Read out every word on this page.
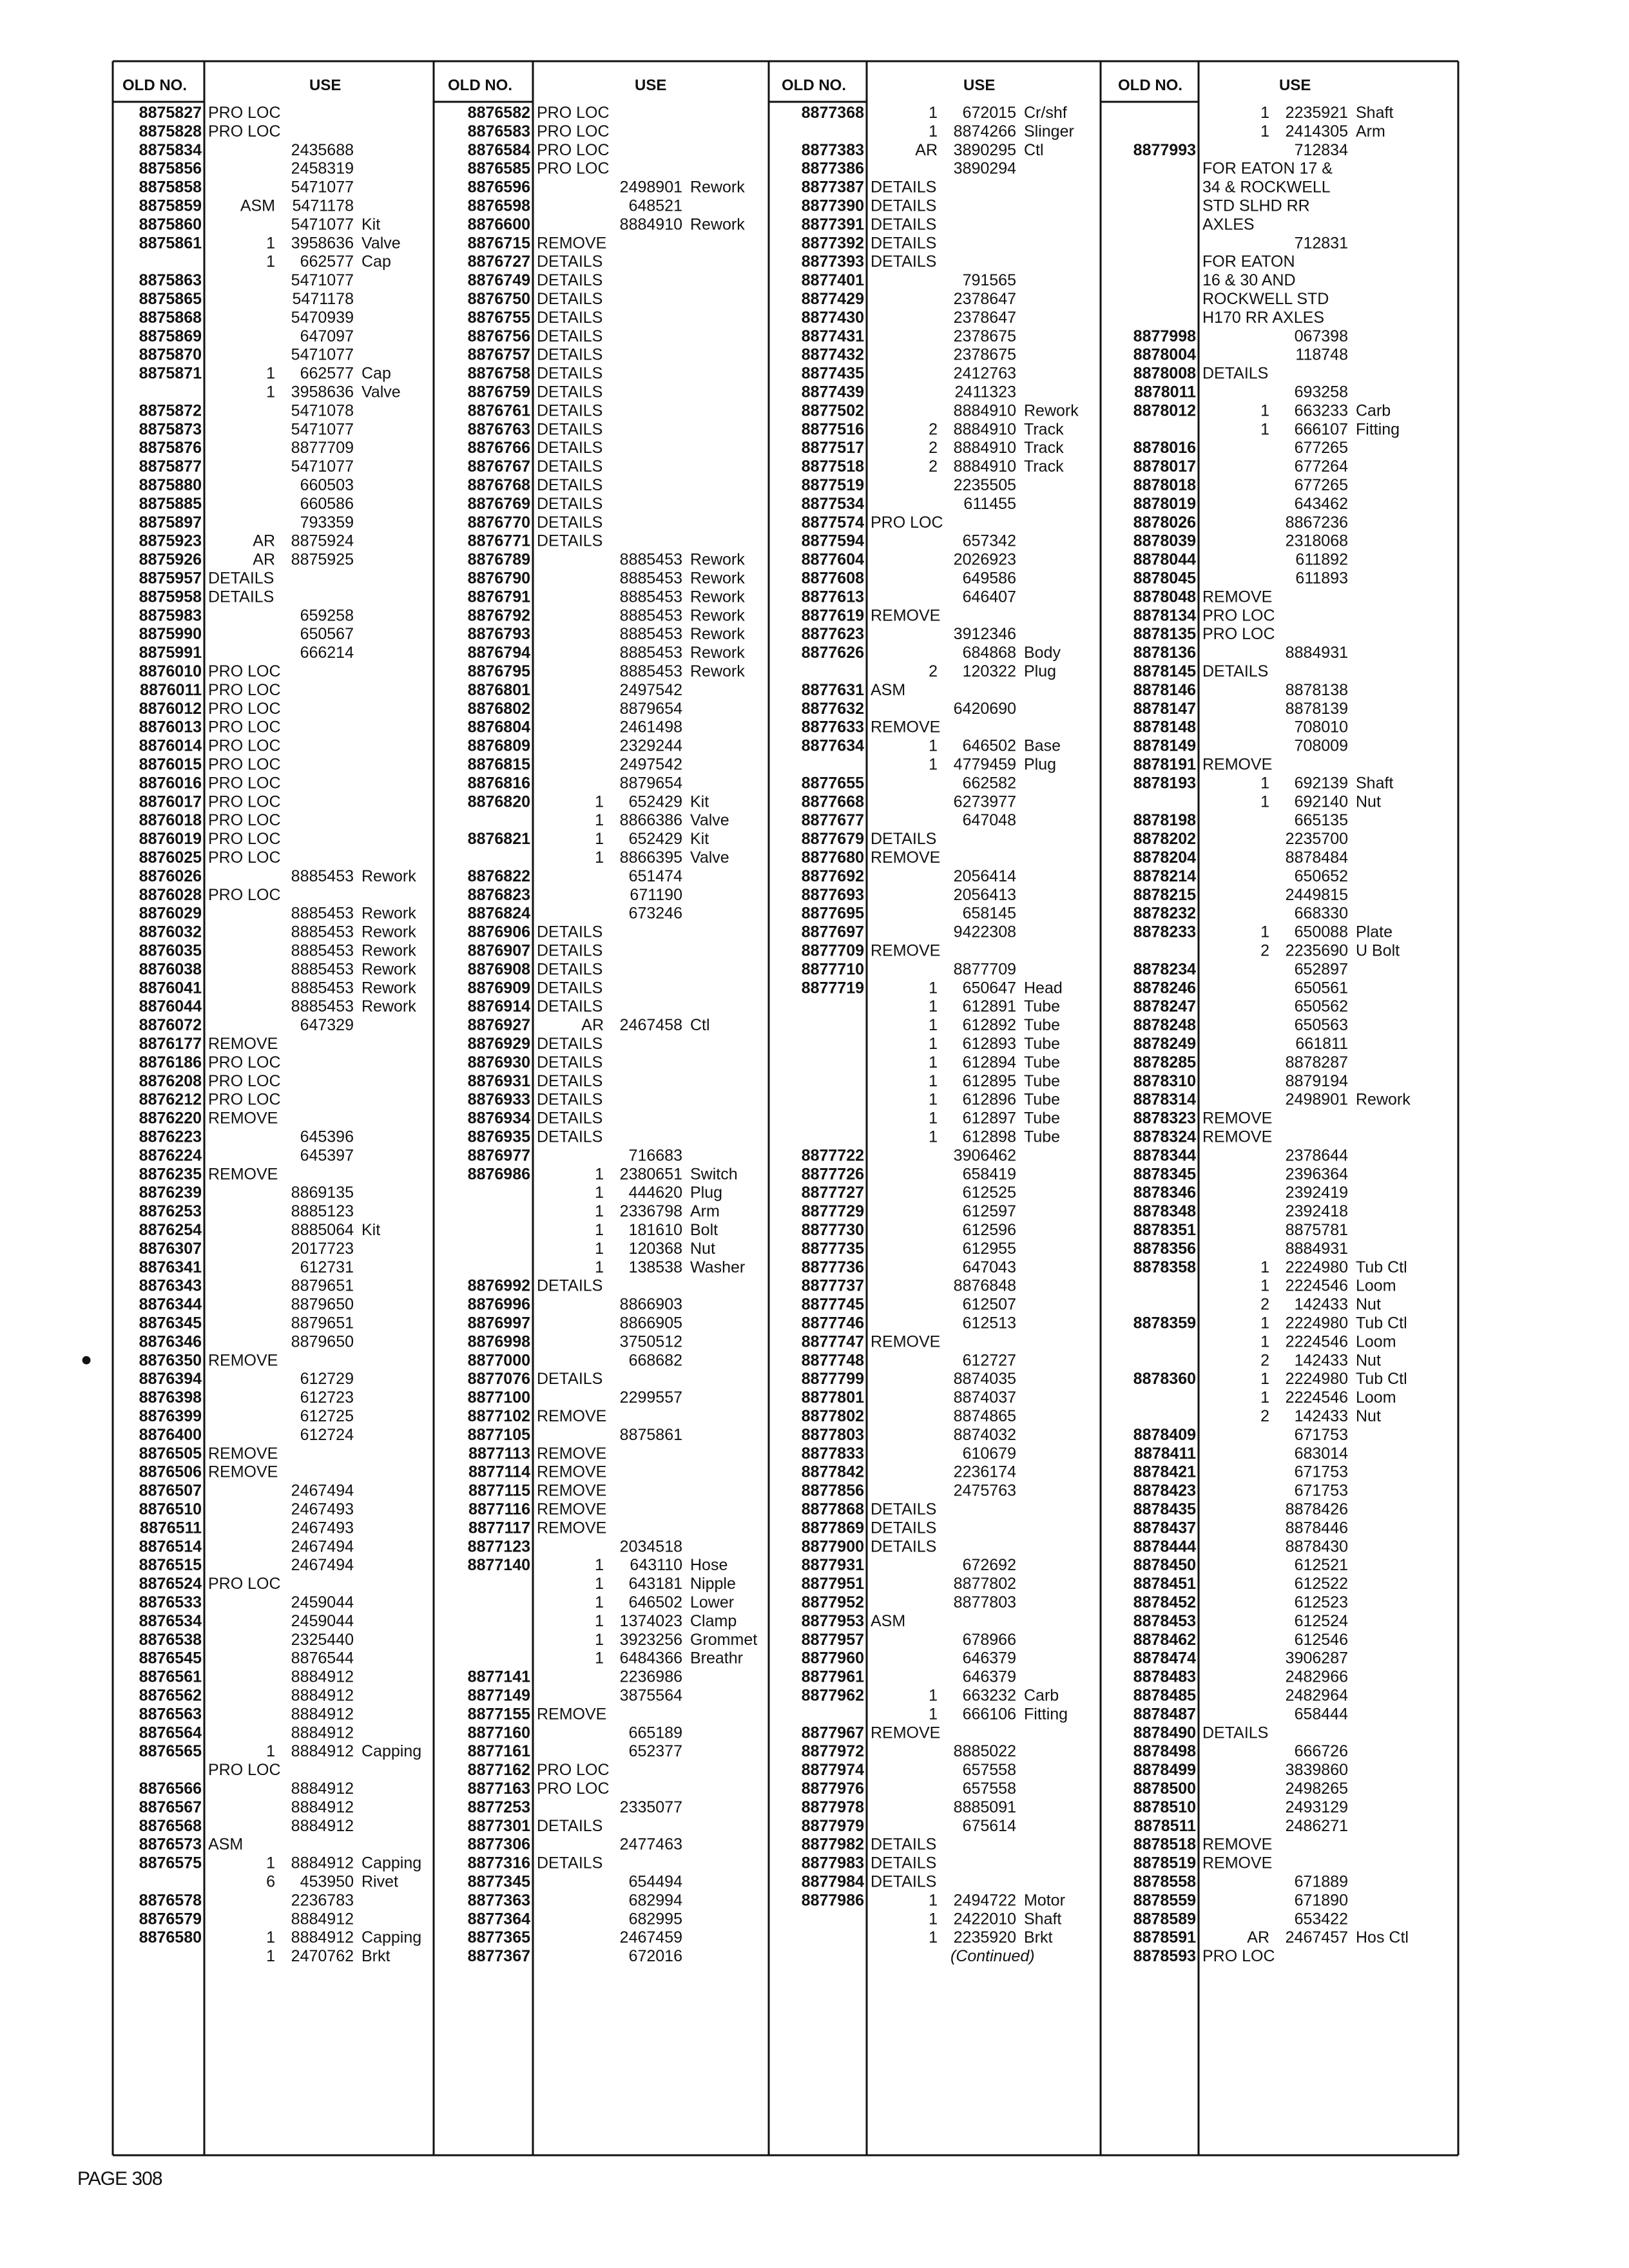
OLD NO.	USE	OLD NO.	USE	OLD NO.	USE	OLD NO.	USE
8875827 PRO LOC
8875828 PRO LOC
8875834	2435688
8875856	2458319
8875858	5471077
8875859 ASM 5471178
8875860	5471077 Kit
8875861	1 3958636 Valve
1 662577 Cap
8875863	5471077
8875865	5471178
8875868	5470939
8875869	647097
8875870	5471077
8875871	1 662577 Cap
1 3958636 Valve
8875872	5471078
8875873	5471077
8875876	8877709
8875877	5471077
8875880	660503
8875885	660586
8875897	793359
8875923	AR 8875924
8875926	AR 8875925
8875957 DETAILS
8875958 DETAILS
8875983	659258
8875990	650567
8875991	666214
8876010 PRO LOC
8876011 PRO LOC
8876012 PRO LOC
8876013 PRO LOC
8876014 PRO LOC
8876015 PRO LOC
8876016 PRO LOC
8876017 PRO LOC
8876018 PRO LOC
8876019 PRO LOC
8876025 PRO LOC
8876026	8885453 Rework
8876028 PRO LOC
8876029	8885453 Rework
8876032	8885453 Rework
8876035	8885453 Rework
8876038	8885453 Rework
8876041	8885453 Rework
8876044	8885453 Rework
8876072	647329
8876177 REMOVE
8876186 PRO LOC
8876208 PRO LOC
8876212 PRO LOC
8876220 REMOVE
8876223	645396
8876224	645397
8876235 REMOVE
8876239	8869135
8876253	8885123
8876254	8885064 Kit
8876307	2017723
8876341	612731
8876343	8879651
8876344	8879650
8876345	8879651
8876346	8879650
●	8876350 REMOVE
8876394	612729
8876398	612723
8876399	612725
8876400	612724
8876505 REMOVE
8876506 REMOVE
8876507	2467494
8876510	2467493
8876511	2467493
8876514	2467494
8876515	2467494
8876524 PRO LOC
8876533	2459044
8876534	2459044
8876538	2325440
8876545	8876544
8876561	8884912
8876562	8884912
8876563	8884912
8876564	8884912
8876565	1 8884912 Capping
PRO LOC
8876566	8884912
8876567	8884912
8876568	8884912
8876573 ASM
8876575	1 8884912 Capping
6 453950 Rivet
8876578	2236783
8876579	8884912
8876580	1 8884912 Capping
1 2470762 Brkt
8876582 PRO LOC
8876583 PRO LOC
8876584 PRO LOC
8876585 PRO LOC
8876596	2498901 Rework
8876598	648521
8876600	8884910 Rework
8876715 REMOVE
8876727 DETAILS
8876749 DETAILS
8876750 DETAILS
8876755 DETAILS
8876756 DETAILS
8876757 DETAILS
8876758 DETAILS
8876759 DETAILS
8876761 DETAILS
8876763 DETAILS
8876766 DETAILS
8876767 DETAILS
8876768 DETAILS
8876769 DETAILS
8876770 DETAILS
8876771 DETAILS
8876789	8885453 Rework
8876790	8885453 Rework
8876791	8885453 Rework
8876792	8885453 Rework
8876793	8885453 Rework
8876794	8885453 Rework
8876795	8885453 Rework
8876801	2497542
8876802	8879654
8876804	2461498
8876809	2329244
8876815	2497542
8876816	8879654
8876820	1 652429 Kit
1 8866386 Valve
8876821	1 652429 Kit
1 8866395 Valve
8876822	651474
8876823	671190
8876824	673246
8876906 DETAILS
8876907 DETAILS
8876908 DETAILS
8876909 DETAILS
8876914 DETAILS
8876927	AR 2467458 Ctl
8876929 DETAILS
8876930 DETAILS
8876931 DETAILS
8876933 DETAILS
8876934 DETAILS
8876935 DETAILS
8876977	716683
8876986	1 2380651 Switch
1 444620 Plug
1 2336798 Arm
1 181610 Bolt
1 120368 Nut
1 138538 Washer
8876992 DETAILS
8876996	8866903
8876997	8866905
8876998	3750512
8877000	668682
8877076 DETAILS
8877100	2299557
8877102 REMOVE
8877105	8875861
8877113 REMOVE
8877114 REMOVE
8877115 REMOVE
8877116 REMOVE
8877117 REMOVE
8877123	2034518
8877140	1 643110 Hose
1 643181 Nipple
1 646502 Lower
1 1374023 Clamp
1 3923256 Grommet
1 6484366 Breathr
8877141	2236986
8877149	3875564
8877155 REMOVE
8877160	665189
8877161	652377
8877162 PRO LOC
8877163 PRO LOC
8877253	2335077
8877301 DETAILS
8877306	2477463
8877316 DETAILS
8877345	654494
8877363	682994
8877364	682995
8877365	2467459
8877367	672016
8877368	1 672015 Cr/shf
1 8874266 Slinger
8877383	AR 3890295 Ctl
8877386	3890294
8877387 DETAILS
8877390 DETAILS
8877391 DETAILS
8877392 DETAILS
8877393 DETAILS
8877401	791565
8877429	2378647
8877430	2378647
8877431	2378675
8877432	2378675
8877435	2412763
8877439	2411323
8877502	8884910 Rework
8877516	2 8884910 Track
8877517	2 8884910 Track
8877518	2 8884910 Track
8877519	2235505
8877534	611455
8877574 PRO LOC
8877594	657342
8877604	2026923
8877608	649586
8877613	646407
8877619 REMOVE
8877623	3912346
8877626	684868 Body
2 120322 Plug
8877631 ASM
8877632	6420690
8877633 REMOVE
8877634	1 646502 Base
1 4779459 Plug
8877655	662582
8877668	6273977
8877677	647048
8877679 DETAILS
8877680 REMOVE
8877692	2056414
8877693	2056413
8877695	658145
8877697	9422308
8877709 REMOVE
8877710	8877709
8877719	1 650647 Head
1 612891 Tube
1 612892 Tube
1 612893 Tube
1 612894 Tube
1 612895 Tube
1 612896 Tube
1 612897 Tube
1 612898 Tube
8877722	3906462
8877726	658419
8877727	612525
8877729	612597
8877730	612596
8877735	612955
8877736	647043
8877737	8876848
8877745	612507
8877746	612513
8877747 REMOVE
8877748	612727
8877799	8874035
8877801	8874037
8877802	8874865
8877803	8874032
8877833	610679
8877842	2236174
8877856	2475763
8877868 DETAILS
8877869 DETAILS
8877900 DETAILS
8877931	672692
8877951	8877802
8877952	8877803
8877953 ASM
8877957	678966
8877960	646379
8877961	646379
8877962	1 663232 Carb
1 666106 Fitting
8877967 REMOVE
8877972	8885022
8877974	657558
8877976	657558
8877978	8885091
8877979	675614
8877982 DETAILS
8877983 DETAILS
8877984 DETAILS
8877986	1 2494722 Motor
1 2422010 Shaft
1 2235920 Brkt
(Continued)
1 2235921 Shaft
1 2414305 Arm
8877993	712834
FOR EATON 17 &
34 & ROCKWELL
STD SLHD RR
AXLES
712831
FOR EATON
16 & 30 AND
ROCKWELL STD
H170 RR AXLES
8877998	067398
8878004	118748
8878008 DETAILS
8878011	693258
8878012	1 663233 Carb
1 666107 Fitting
8878016	677265
8878017	677264
8878018	677265
8878019	643462
8878026	8867236
8878039	2318068
8878044	611892
8878045	611893
8878048 REMOVE
8878134 PRO LOC
8878135 PRO LOC
8878136	8884931
8878145 DETAILS
8878146	8878138
8878147	8878139
8878148	708010
8878149	708009
8878191 REMOVE
8878193	1 692139 Shaft
1 692140 Nut
8878198	665135
8878202	2235700
8878204	8878484
8878214	650652
8878215	2449815
8878232	668330
8878233	1 650088 Plate
2 2235690 U Bolt
8878234	652897
8878246	650561
8878247	650562
8878248	650563
8878249	661811
8878285	8878287
8878310	8879194
8878314	2498901 Rework
8878323 REMOVE
8878324 REMOVE
8878344	2378644
8878345	2396364
8878346	2392419
8878348	2392418
8878351	8875781
8878356	8884931
8878358	1 2224980 Tub Ctl
1 2224546 Loom
2 142433 Nut
8878359	1 2224980 Tub Ctl
1 2224546 Loom
2 142433 Nut
8878360	1 2224980 Tub Ctl
1 2224546 Loom
2 142433 Nut
8878409	671753
8878411	683014
8878421	671753
8878423	671753
8878435	8878426
8878437	8878446
8878444	8878430
8878450	612521
8878451	612522
8878452	612523
8878453	612524
8878462	612546
8878474	3906287
8878483	2482966
8878485	2482964
8878487	658444
8878490 DETAILS
8878498	666726
8878499	3839860
8878500	2498265
8878510	2493129
8878511	2486271
8878518 REMOVE
8878519 REMOVE
8878558	671889
8878559	671890
8878589	653422
8878591	AR 2467457 Hos Ctl
8878593 PRO LOC
PAGE 308
